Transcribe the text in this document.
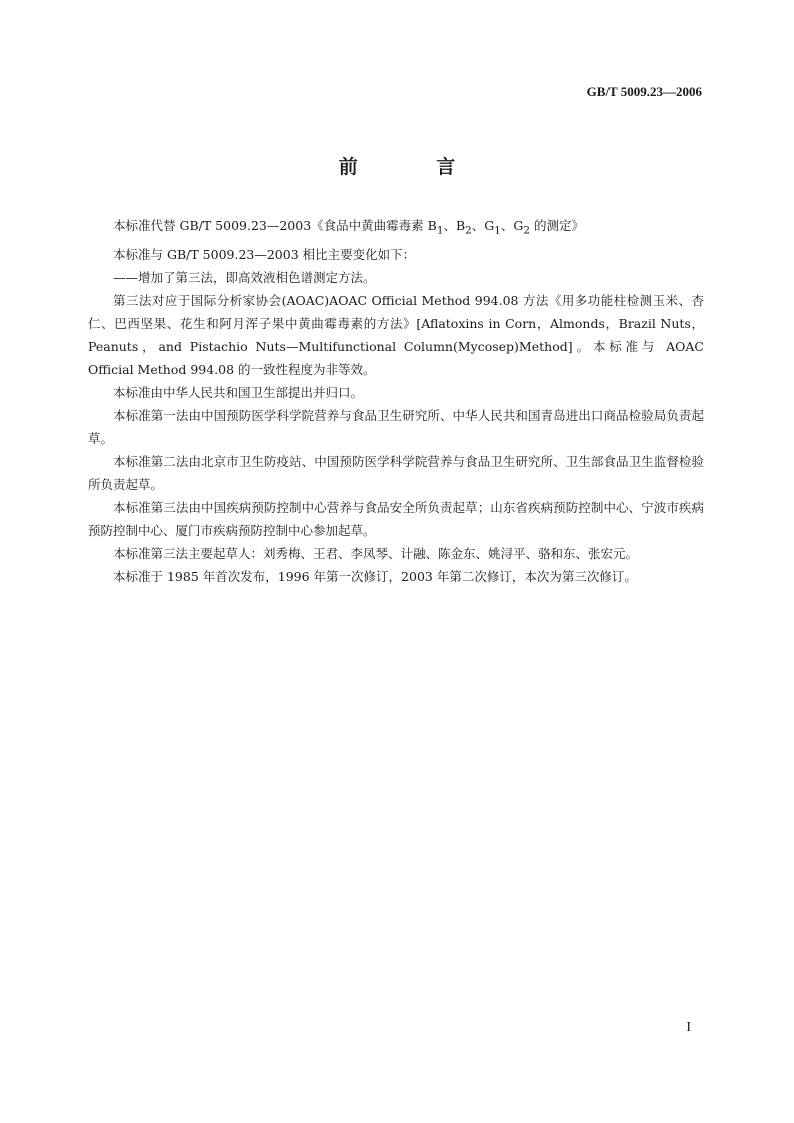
GB/T 5009.23—2006
前 言

本标准代替 GB/T 5009.23—2003《食品中黄曲霉毒素 $B_1$、$B_2$、$G_1$、$G_2$ 的测定》

本标准与 GB/T 5009.23—2003 相比主要变化如下：

——增加了第三法，即高效液相色谱测定方法。

第三法对应于国际分析家协会(AOAC)AOAC Official Method 994.08 方法《用多功能柱检测玉米、杏仁、巴西坚果、花生和阿月浑子果中黄曲霉毒素的方法》[Aflatoxins in Corn，Almonds，Brazil Nuts，Peanuts，and Pistachio Nuts—Multifunctional Column(Mycosep)Method]。本标准与 AOAC Official Method 994.08 的一致性程度为非等效。

本标准由中华人民共和国卫生部提出并归口。

本标准第一法由中国预防医学科学院营养与食品卫生研究所、中华人民共和国青岛进出口商品检验局负责起草。

本标准第二法由北京市卫生防疫站、中国预防医学科学院营养与食品卫生研究所、卫生部食品卫生监督检验所负责起草。

本标准第三法由中国疾病预防控制中心营养与食品安全所负责起草；山东省疾病预防控制中心、宁波市疾病预防控制中心、厦门市疾病预防控制中心参加起草。

本标准第三法主要起草人：刘秀梅、王君、李凤琴、计融、陈金东、姚浔平、骆和东、张宏元。

本标准于 1985 年首次发布，1996 年第一次修订，2003 年第二次修订，本次为第三次修订。

I
